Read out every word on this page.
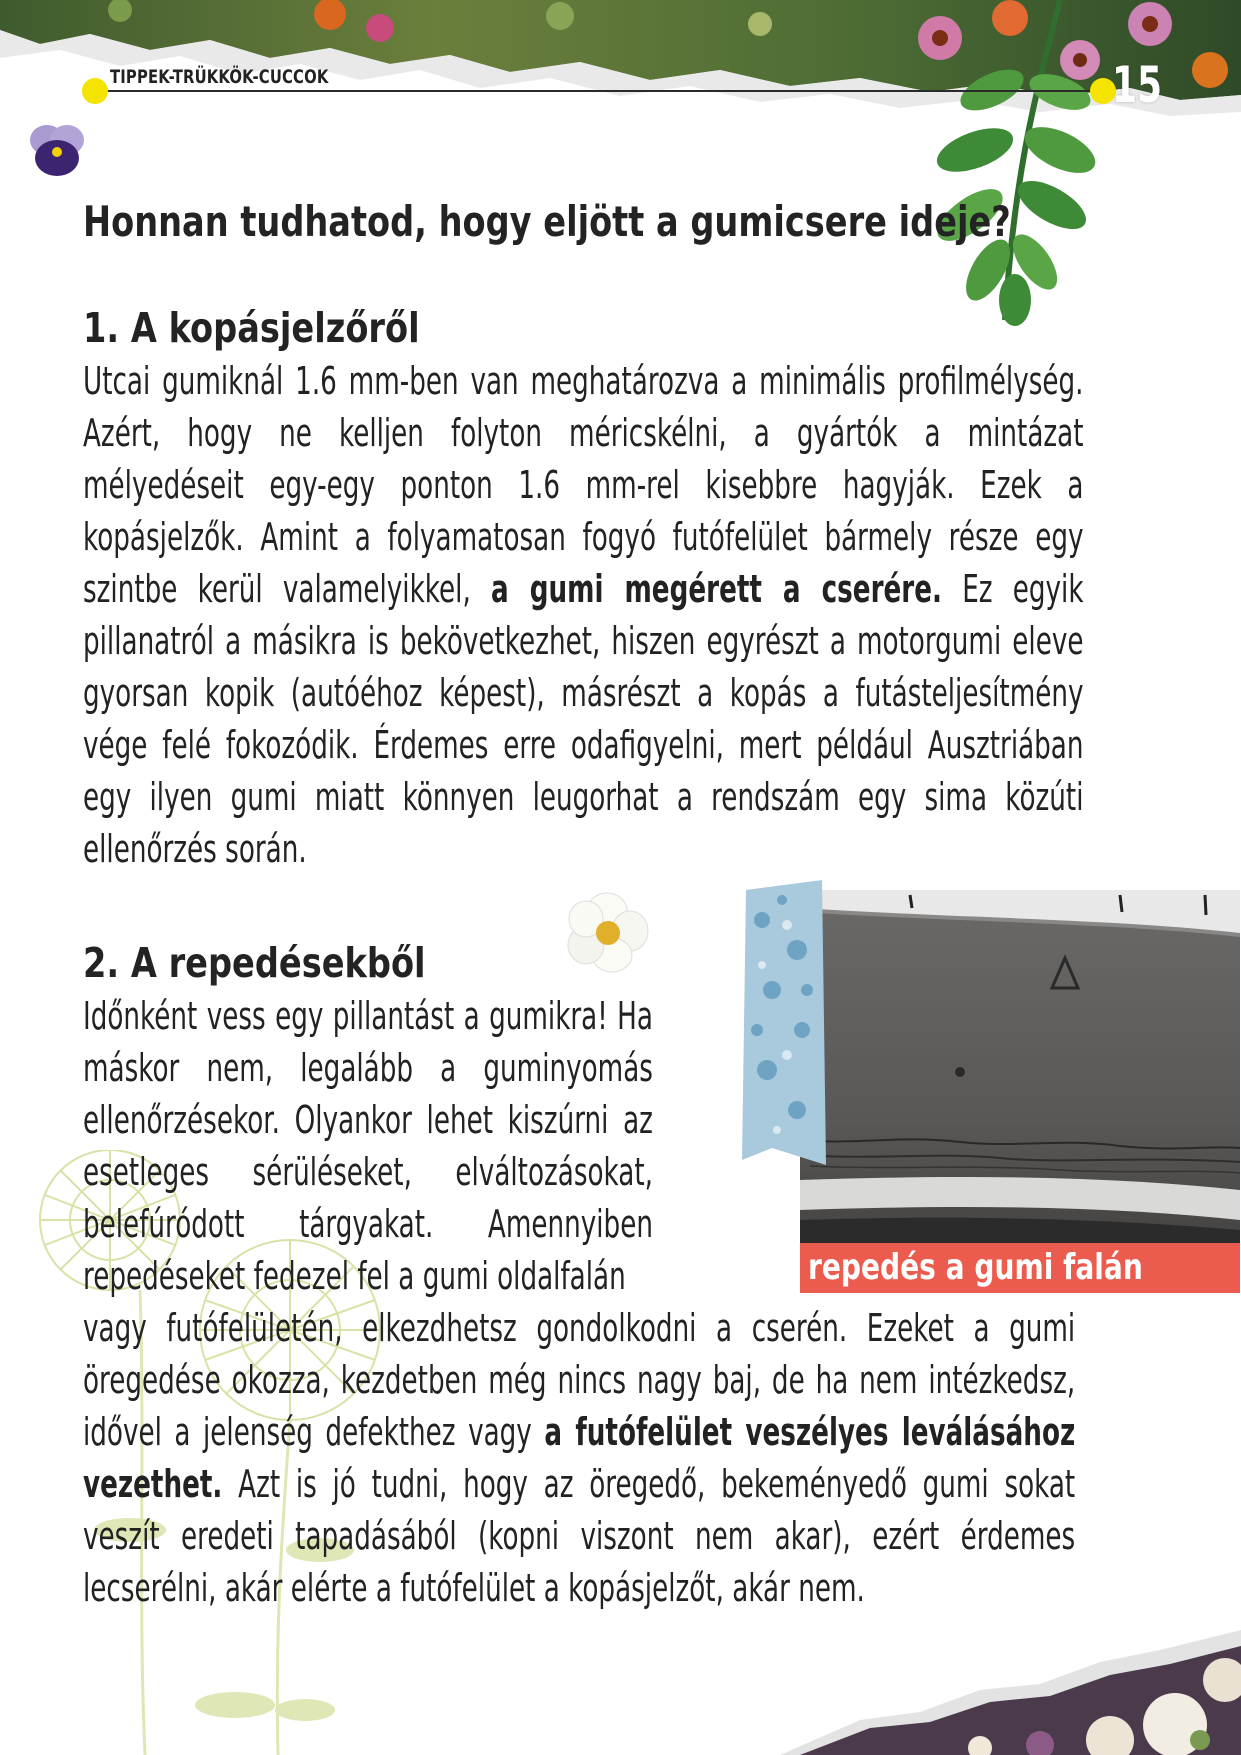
TIPPEK-TRÜKKÖK-CUCCOK	15
Honnan tudhatod, hogy eljött a gumicsere ideje?
1. A kopásjelzőről

Utcai gumiknál 1.6 mm-ben van meghatározva a minimális profilmélység. Azért, hogy ne kelljen folyton méricskélni, a gyártók a mintázat mélyedéseit egy-egy ponton 1.6 mm-rel kisebbre hagyják. Ezek a kopásjelzők. Amint a folyamatosan fogyó futófelület bármely része egy szintbe kerül valamelyikkel, a gumi megérett a cserére. Ez egyik pillanatról a másikra is bekövetkezhet, hiszen egyrészt a motorgumi eleve gyorsan kopik (autóéhoz képest), másrészt a kopás a futásteljesítmény vége felé fokozódik. Érdemes erre odafigyelni, mert például Ausztriában egy ilyen gumi miatt könnyen leugorhat a rendszám egy sima közúti ellenőrzés során.

2. A repedésekből

Időnként vess egy pillantást a gumikra! Ha máskor nem, legalább a guminyomás ellenőrzésekor. Olyankor lehet kiszúrni az esetleges sérüléseket, elváltozásokat, belefúródott tárgyakat. Amennyiben repedéseket fedezel fel a gumi oldalfalán

vagy futófelületén, elkezdhetsz gondolkodni a cserén. Ezeket a gumi öregedése okozza, kezdetben még nincs nagy baj, de ha nem intézkedsz, idővel a jelenség defekthez vagy a futófelület veszélyes leválásához vezethet. Azt is jó tudni, hogy az öregedő, bekeményedő gumi sokat veszít eredeti tapadásából (kopni viszont nem akar), ezért érdemes lecserélni, akár elérte a futófelület a kopásjelzőt, akár nem.

repedés a gumi falán
